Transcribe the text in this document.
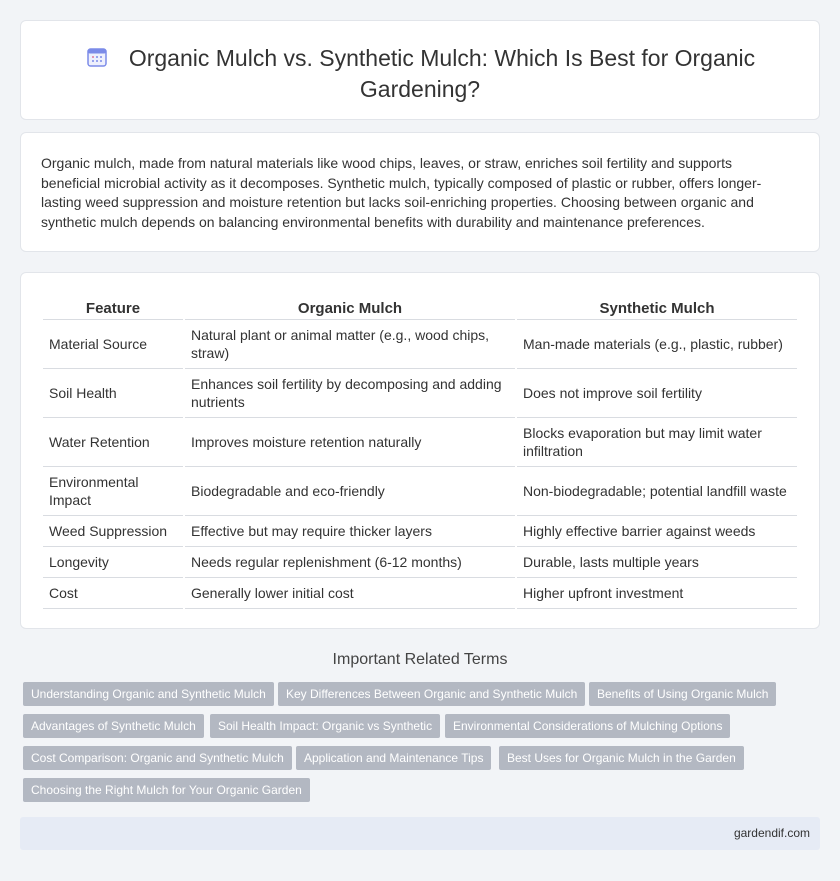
Organic Mulch vs. Synthetic Mulch: Which Is Best for Organic Gardening?

Organic mulch, made from natural materials like wood chips, leaves, or straw, enriches soil fertility and supports beneficial microbial activity as it decomposes. Synthetic mulch, typically composed of plastic or rubber, offers longer-lasting weed suppression and moisture retention but lacks soil-enriching properties. Choosing between organic and synthetic mulch depends on balancing environmental benefits with durability and maintenance preferences.

Feature	Organic Mulch	Synthetic Mulch
Material Source	Natural plant or animal matter (e.g., wood chips, straw)	Man-made materials (e.g., plastic, rubber)
Soil Health	Enhances soil fertility by decomposing and adding nutrients	Does not improve soil fertility
Water Retention	Improves moisture retention naturally	Blocks evaporation but may limit water infiltration
Environmental Impact	Biodegradable and eco-friendly	Non-biodegradable; potential landfill waste
Weed Suppression	Effective but may require thicker layers	Highly effective barrier against weeds
Longevity	Needs regular replenishment (6-12 months)	Durable, lasts multiple years
Cost	Generally lower initial cost	Higher upfront investment
Important Related Terms
Understanding Organic and Synthetic Mulch	Key Differences Between Organic and Synthetic Mulch	Benefits of Using Organic Mulch
Advantages of Synthetic Mulch	Soil Health Impact: Organic vs Synthetic	Environmental Considerations of Mulching Options
Cost Comparison: Organic and Synthetic Mulch	Application and Maintenance Tips	Best Uses for Organic Mulch in the Garden
Choosing the Right Mulch for Your Organic Garden
gardendif.com
